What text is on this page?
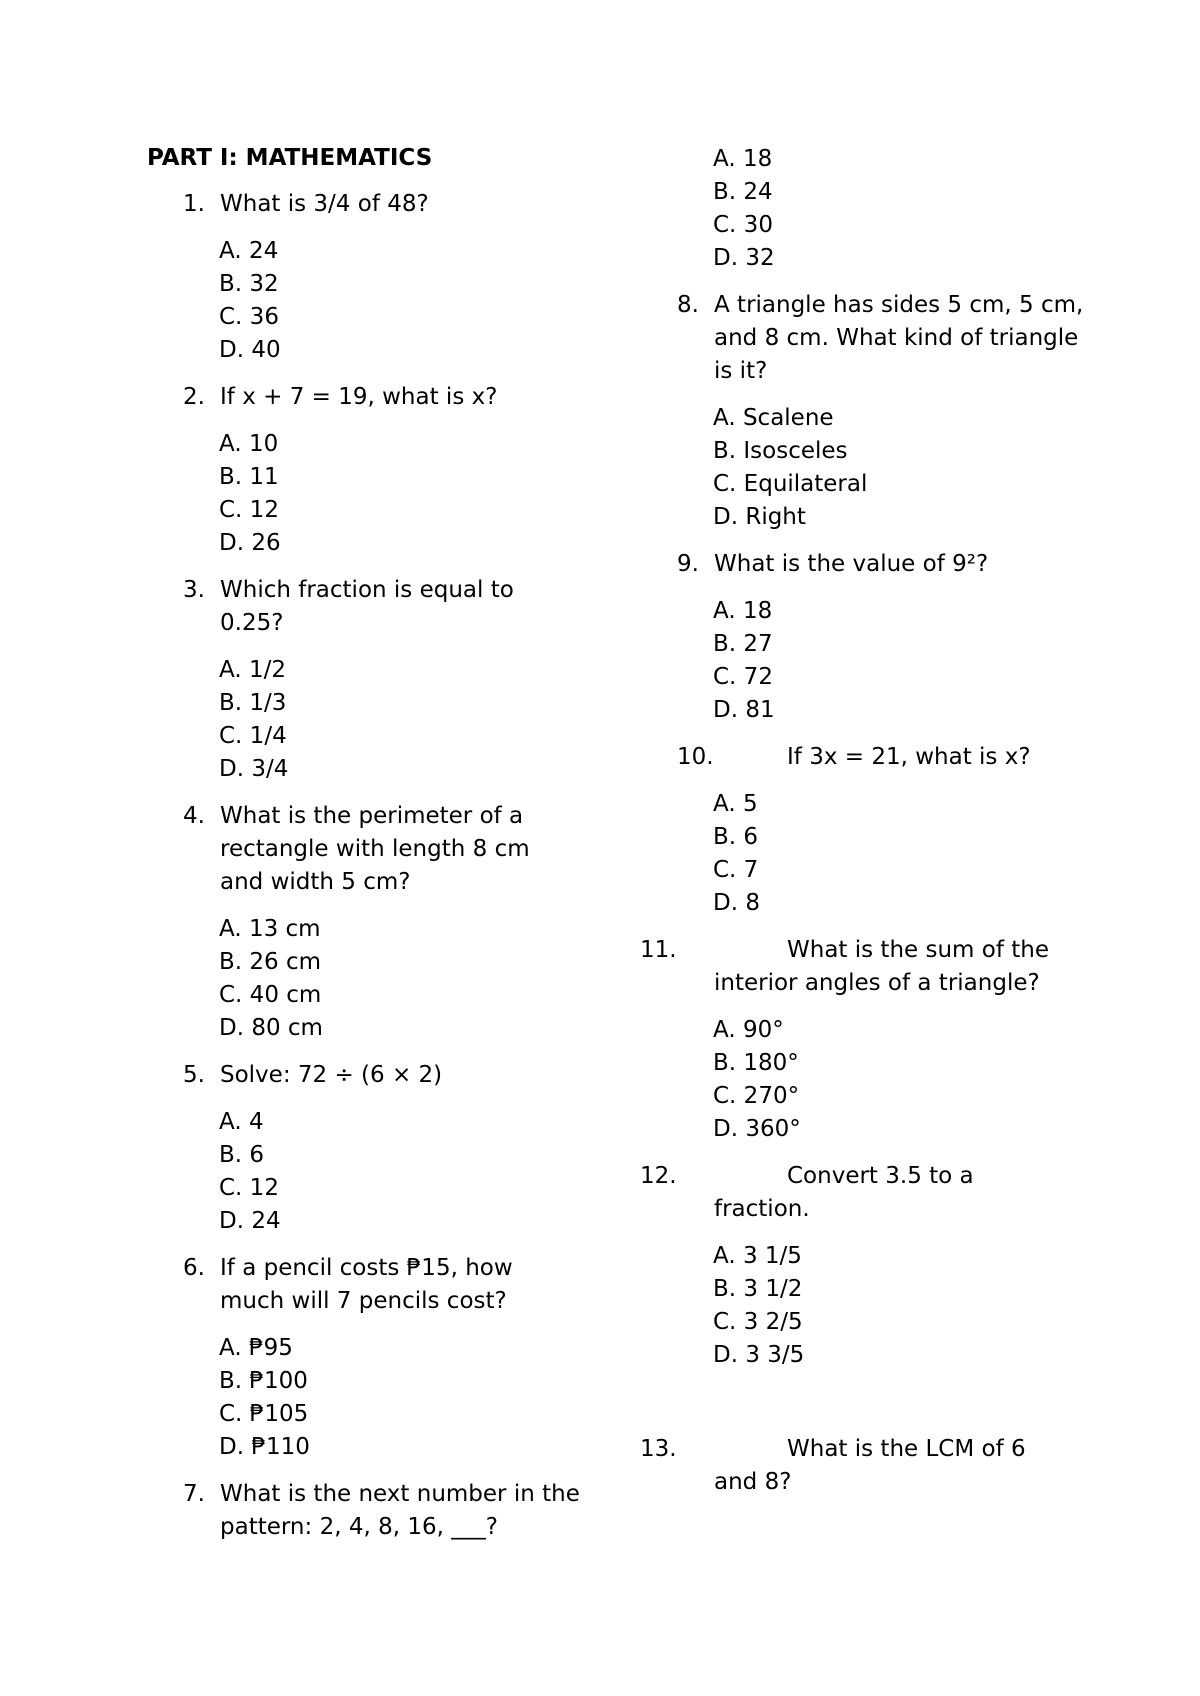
PART I: MATHEMATICS
1. What is 3/4 of 48?
A. 24
B. 32
C. 36
D. 40
2. If x + 7 = 19, what is x?
A. 10
B. 11
C. 12
D. 26
3. Which fraction is equal to 0.25?
A. 1/2
B. 1/3
C. 1/4
D. 3/4
4. What is the perimeter of a rectangle with length 8 cm and width 5 cm?
A. 13 cm
B. 26 cm
C. 40 cm
D. 80 cm
5. Solve: 72 ÷ (6 × 2)
A. 4
B. 6
C. 12
D. 24
6. If a pencil costs ₱15, how much will 7 pencils cost?
A. ₱95
B. ₱100
C. ₱105
D. ₱110
7. What is the next number in the pattern: 2, 4, 8, 16, ___?
A. 18
B. 24
C. 30
D. 32
8. A triangle has sides 5 cm, 5 cm, and 8 cm. What kind of triangle is it?
A. Scalene
B. Isosceles
C. Equilateral
D. Right
9. What is the value of 9²?
A. 18
B. 27
C. 72
D. 81
10.	If 3x = 21, what is x?
A. 5
B. 6
C. 7
D. 8
11.	What is the sum of the interior angles of a triangle?
A. 90°
B. 180°
C. 270°
D. 360°
12.	Convert 3.5 to a fraction.
A. 3 1/5
B. 3 1/2
C. 3 2/5
D. 3 3/5
13.	What is the LCM of 6 and 8?
